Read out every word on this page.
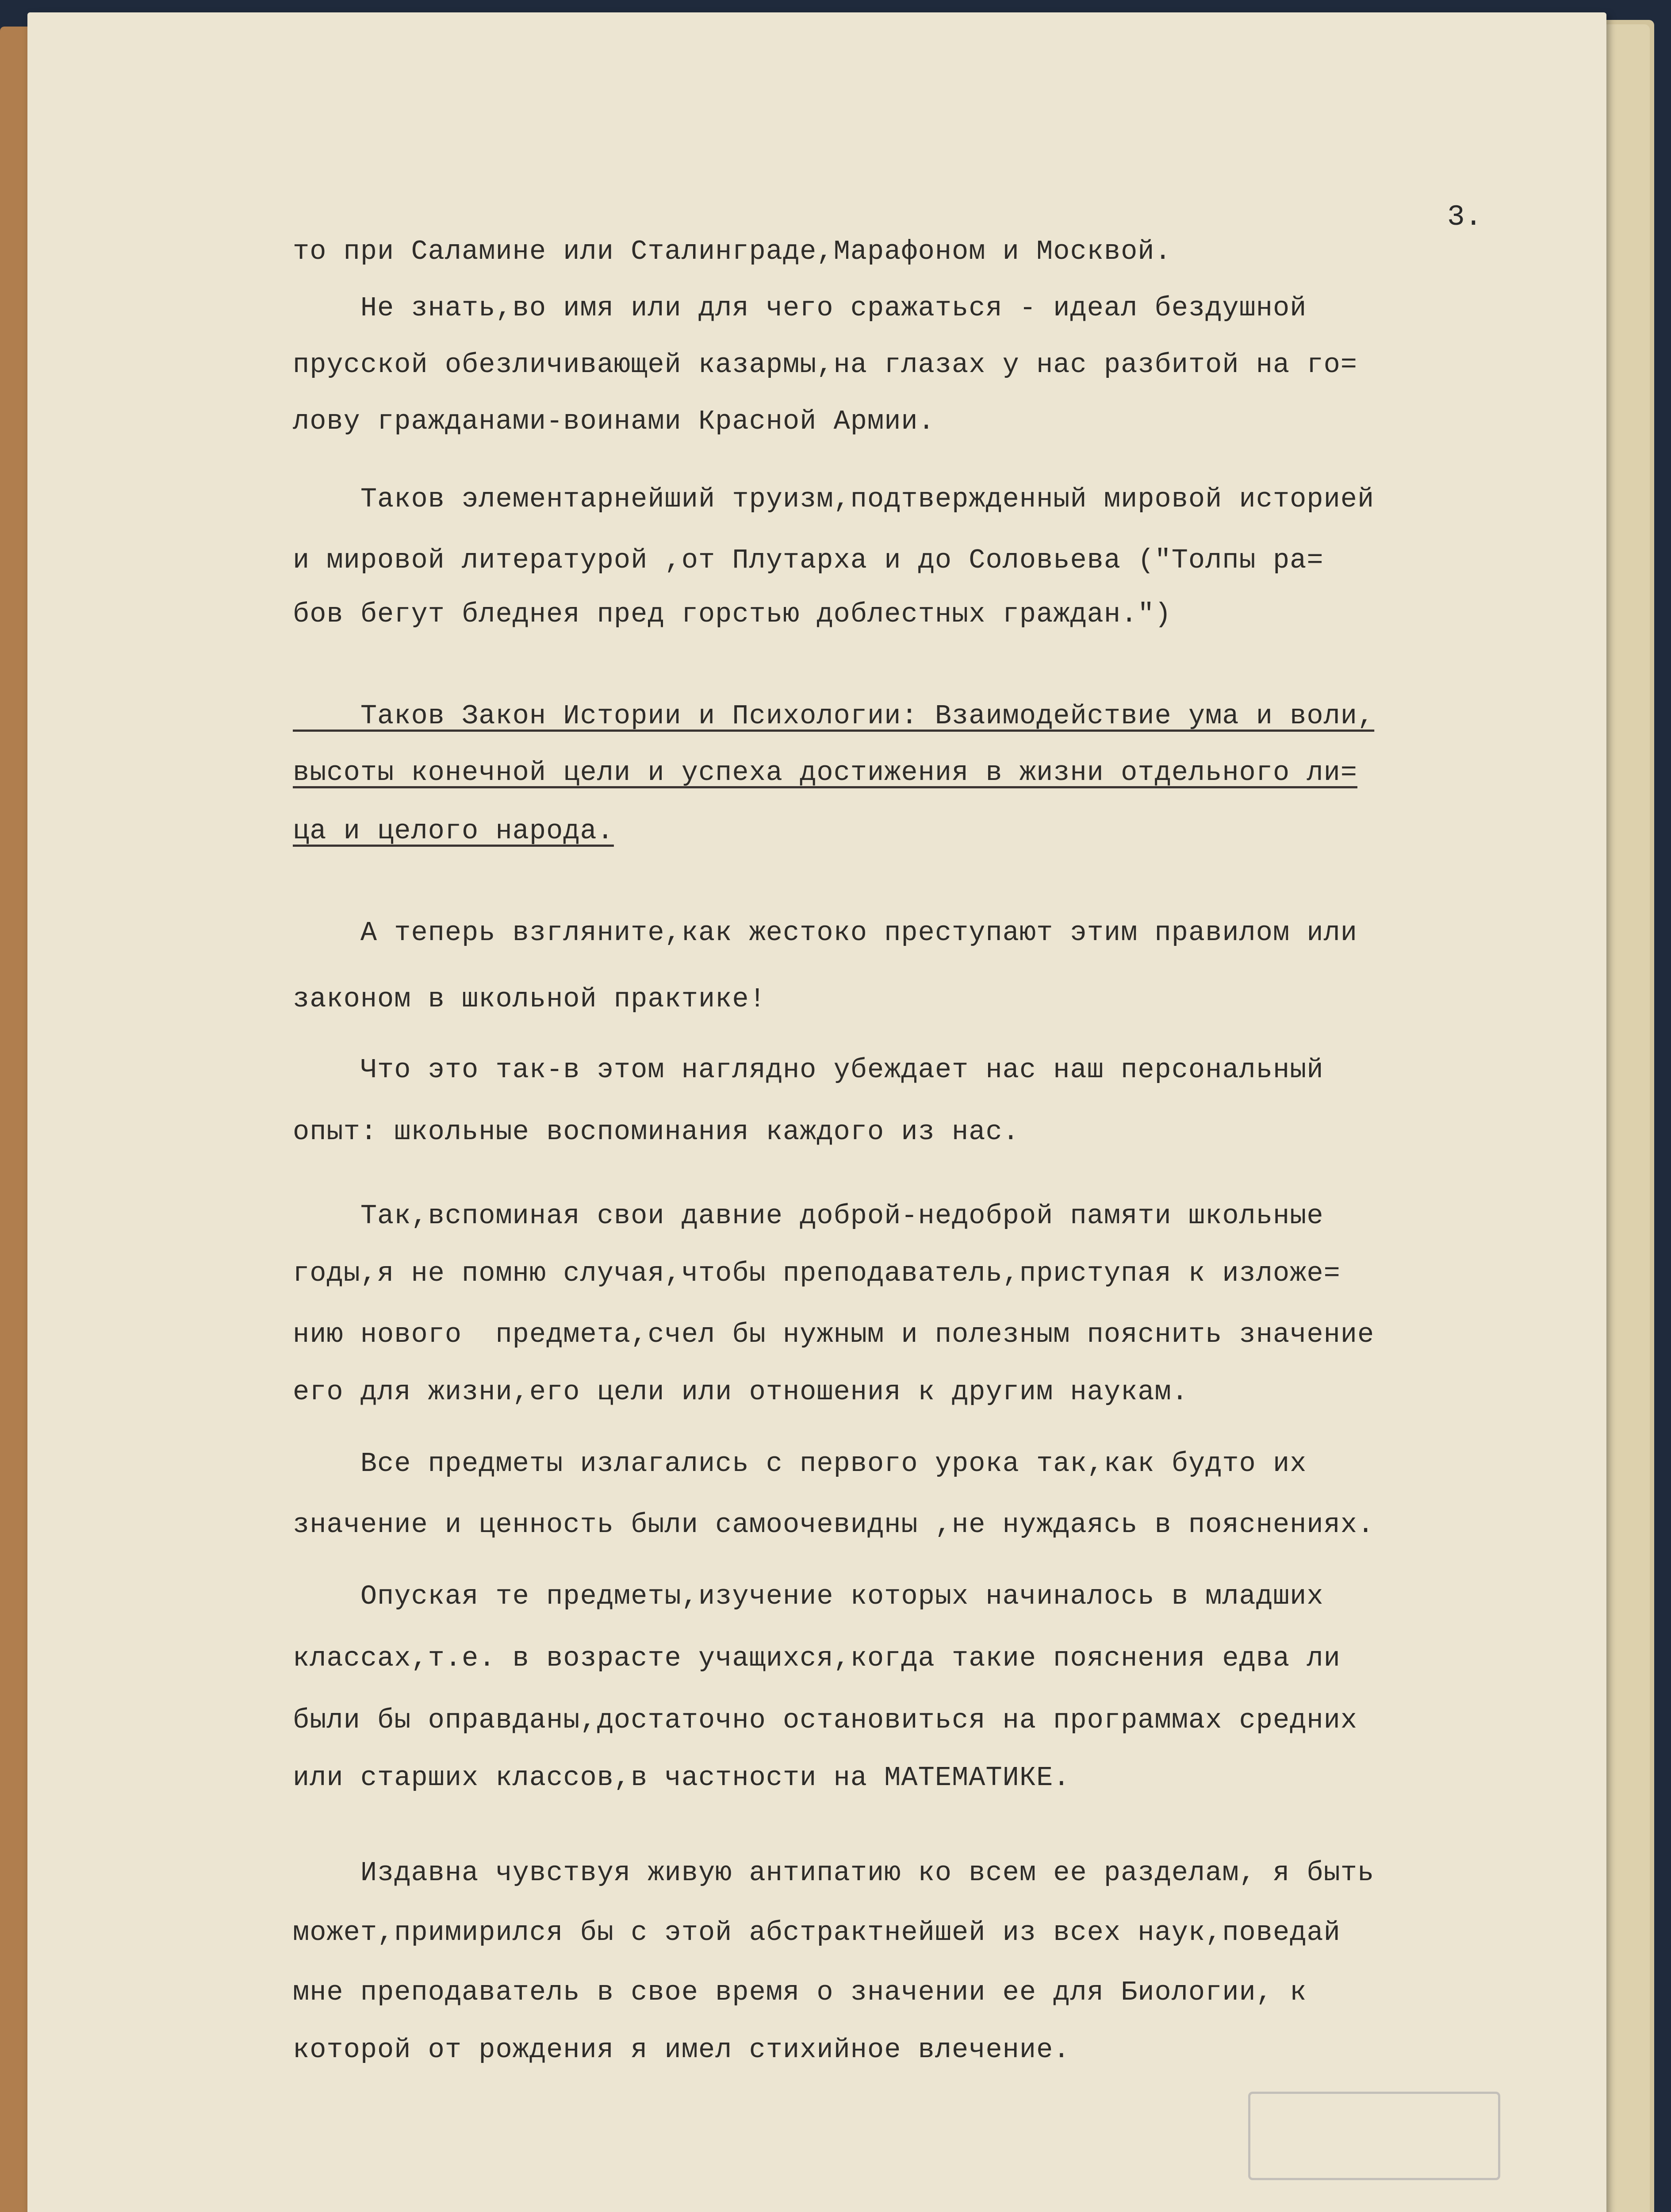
3.
то при Саламине или Сталинграде,Марафоном и Москвой.
Не знать,во имя или для чего сражаться - идеал бездушной
прусской обезличивающей казармы,на глазах у нас разбитой на го=
лову гражданами-воинами Красной Армии.
Таков элементарнейший труизм,подтвержденный мировой историей
и мировой литературой ,от Плутарха и до Соловьева ("Толпы ра=
бов бегут бледнея пред горстью доблестных граждан.")
Таков Закон Истории и Психологии: Взаимодействие ума и воли,
высоты конечной цели и успеха достижения в жизни отдельного ли=
ца и целого народа.
А теперь взгляните,как жестоко преступают этим правилом или
законом в школьной практике!
Что это так-в этом наглядно убеждает нас наш персональный
опыт: школьные воспоминания каждого из нас.
Так,вспоминая свои давние доброй-недоброй памяти школьные
годы,я не помню случая,чтобы преподаватель,приступая к изложе=
нию нового  предмета,счел бы нужным и полезным пояснить значение
его для жизни,его цели или отношения к другим наукам.
Все предметы излагались с первого урока так,как будто их
значение и ценность были самоочевидны ,не нуждаясь в пояснениях.
Опуская те предметы,изучение которых начиналось в младших
классах,т.е. в возрасте учащихся,когда такие пояснения едва ли
были бы оправданы,достаточно остановиться на программах средних
или старших классов,в частности на МАТЕМАТИКЕ.
Издавна чувствуя живую антипатию ко всем ее разделам, я быть
может,примирился бы с этой абстрактнейшей из всех наук,поведай
мне преподаватель в свое время о значении ее для Биологии, к
которой от рождения я имел стихийное влечение.
